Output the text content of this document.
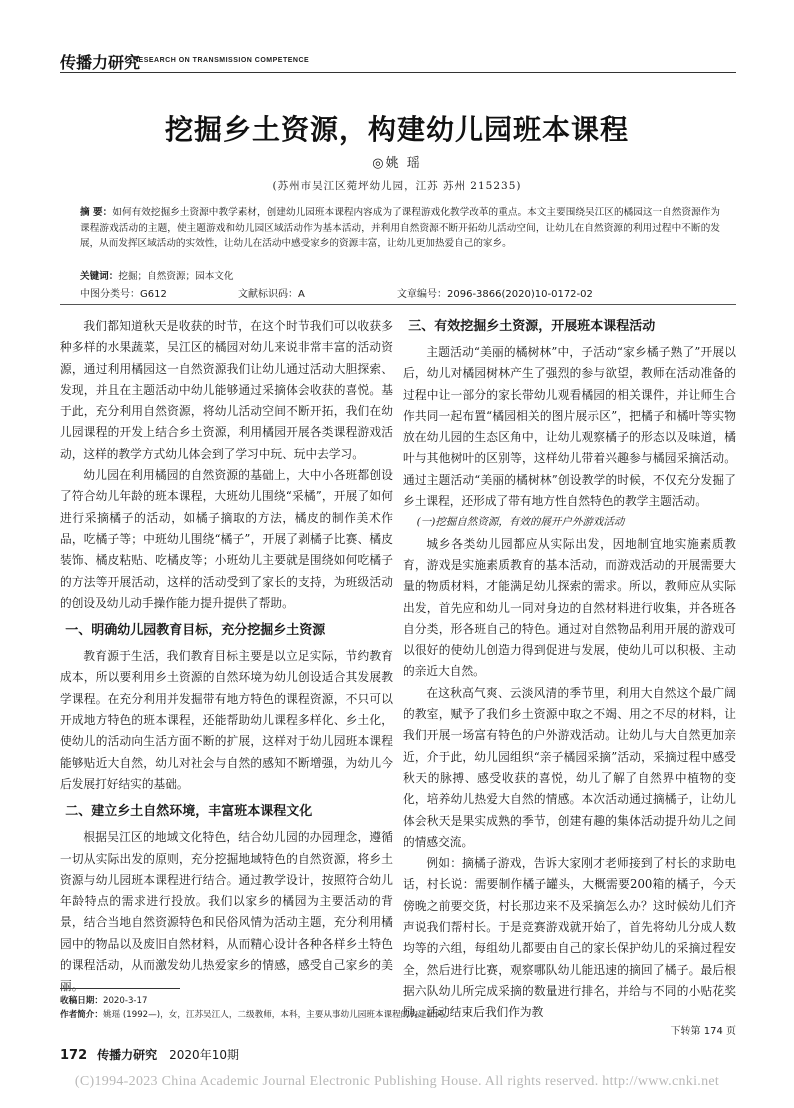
传播力研究
RESEARCH ON TRANSMISSION COMPETENCE
挖掘乡土资源，构建幼儿园班本课程
◎姚 瑶
(苏州市吴江区菀坪幼儿园，江苏 苏州 215235)
摘 要：如何有效挖掘乡土资源中教学素材，创建幼儿园班本课程内容成为了课程游戏化教学改革的重点。本文主要围绕吴江区的橘园这一自然资源作为课程游戏活动的主题，使主题游戏和幼儿园区域活动作为基本活动，并利用自然资源不断开拓幼儿活动空间，让幼儿在自然资源的利用过程中不断的发展，从而发挥区域活动的实效性，让幼儿在活动中感受家乡的资源丰富，让幼儿更加热爱自己的家乡。
关键词：挖掘；自然资源；园本文化
中图分类号：G612	文献标识码：A	文章编号：2096-3866(2020)10-0172-02

我们都知道秋天是收获的时节，在这个时节我们可以收获多种多样的水果蔬菜，吴江区的橘园对幼儿来说非常丰富的活动资源，通过利用橘园这一自然资源我们让幼儿通过活动大胆探索、发现，并且在主题活动中幼儿能够通过采摘体会收获的喜悦。基于此，充分利用自然资源，将幼儿活动空间不断开拓，我们在幼儿园课程的开发上结合乡土资源，利用橘园开展各类课程游戏活动，这样的教学方式幼儿体会到了学习中玩、玩中去学习。

幼儿园在利用橘园的自然资源的基础上，大中小各班都创设了符合幼儿年龄的班本课程，大班幼儿围绕“采橘”，开展了如何进行采摘橘子的活动，如橘子摘取的方法，橘皮的制作美术作品，吃橘子等；中班幼儿围绕“橘子”，开展了剥橘子比赛、橘皮装饰、橘皮粘贴、吃橘皮等；小班幼儿主要就是围绕如何吃橘子的方法等开展活动，这样的活动受到了家长的支持，为班级活动的创设及幼儿动手操作能力提升提供了帮助。

一、明确幼儿园教育目标，充分挖掘乡土资源

教育源于生活，我们教育目标主要是以立足实际，节约教育成本，所以要利用乡土资源的自然环境为幼儿创设适合其发展教学课程。在充分利用并发掘带有地方特色的课程资源，不只可以开成地方特色的班本课程，还能帮助幼儿课程多样化、乡土化，使幼儿的活动向生活方面不断的扩展，这样对于幼儿园班本课程能够贴近大自然，幼儿对社会与自然的感知不断增强，为幼儿今后发展打好结实的基础。

二、建立乡土自然环境，丰富班本课程文化

根据吴江区的地域文化特色，结合幼儿园的办园理念，遵循一切从实际出发的原则，充分挖掘地域特色的自然资源，将乡土资源与幼儿园班本课程进行结合。通过教学设计，按照符合幼儿年龄特点的需求进行投放。我们以家乡的橘园为主要活动的背景，结合当地自然资源特色和民俗风情为活动主题，充分利用橘园中的物品以及废旧自然材料，从而精心设计各种各样乡土特色的课程活动，从而激发幼儿热爱家乡的情感，感受自己家乡的美丽。

三、有效挖掘乡土资源，开展班本课程活动

主题活动“美丽的橘树林”中，子活动“家乡橘子熟了”开展以后，幼儿对橘园树林产生了强烈的参与欲望，教师在活动准备的过程中让一部分的家长带幼儿观看橘园的相关课件，并让师生合作共同一起布置“橘园相关的图片展示区”，把橘子和橘叶等实物放在幼儿园的生态区角中，让幼儿观察橘子的形态以及味道，橘叶与其他树叶的区别等，这样幼儿带着兴趣参与橘园采摘活动。通过主题活动“美丽的橘树林”创设教学的时候，不仅充分发掘了乡土课程，还形成了带有地方性自然特色的教学主题活动。

(一)挖掘自然资源，有效的展开户外游戏活动

城乡各类幼儿园都应从实际出发，因地制宜地实施素质教育，游戏是实施素质教育的基本活动，而游戏活动的开展需要大量的物质材料，才能满足幼儿探索的需求。所以，教师应从实际出发，首先应和幼儿一同对身边的自然材料进行收集，并各班各自分类，形各班自己的特色。通过对自然物品利用开展的游戏可以很好的使幼儿创造力得到促进与发展，使幼儿可以积极、主动的亲近大自然。

在这秋高气爽、云淡风清的季节里，利用大自然这个最广阔的教室，赋予了我们乡土资源中取之不竭、用之不尽的材料，让我们开展一场富有特色的户外游戏活动。让幼儿与大自然更加亲近，介于此，幼儿园组织“亲子橘园采摘”活动，采摘过程中感受秋天的脉搏、感受收获的喜悦，幼儿了解了自然界中植物的变化，培养幼儿热爱大自然的情感。本次活动通过摘橘子，让幼儿体会秋天是果实成熟的季节，创建有趣的集体活动提升幼儿之间的情感交流。

例如：摘橘子游戏，告诉大家刚才老师接到了村长的求助电话，村长说：需要制作橘子罐头，大概需要200箱的橘子，今天傍晚之前要交货，村长那边来不及采摘怎么办？这时候幼儿们齐声说我们帮村长。于是竞赛游戏就开始了，首先将幼儿分成人数均等的六组，每组幼儿都要由自己的家长保护幼儿的采摘过程安全，然后进行比赛，观察哪队幼儿能迅速的摘回了橘子。最后根据六队幼儿所完成采摘的数量进行排名，并给与不同的小贴花奖励。活动结束后我们作为教

下转第 174 页
收稿日期：2020-3-17
作者简介：姚瑶 (1992—)，女，江苏吴江人，二级教师，本科，主要从事幼儿园班本课程的构建研究。
172 传播力研究 2020年10期
(C)1994-2023 China Academic Journal Electronic Publishing House. All rights reserved. http://www.cnki.net
